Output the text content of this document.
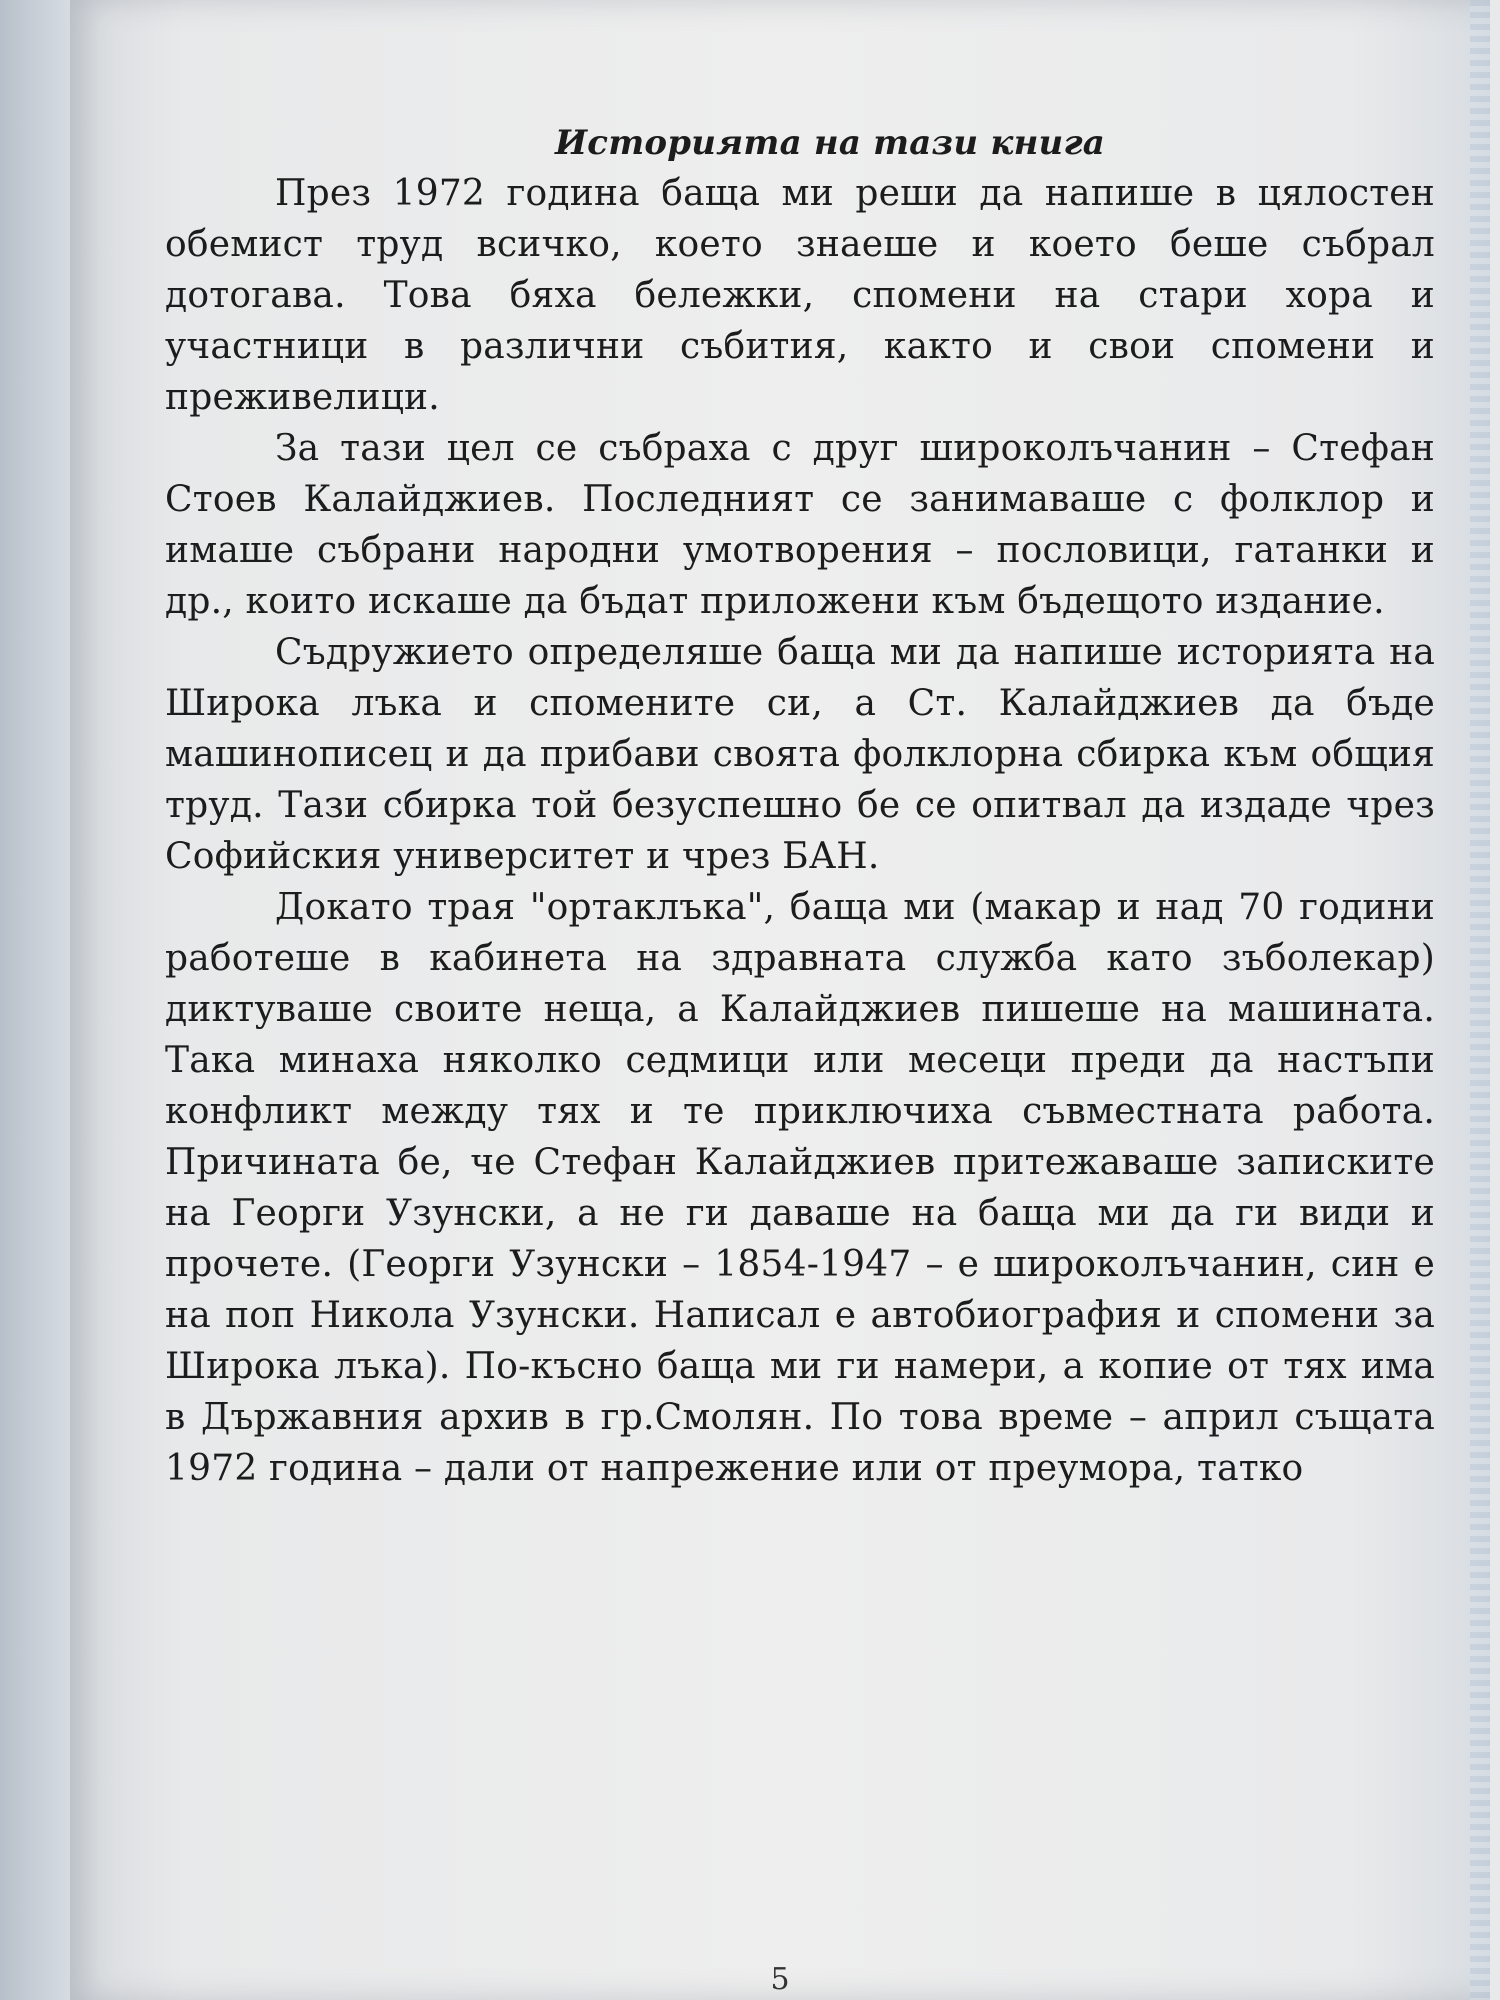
Историята на тази книга

През 1972 година баща ми реши да напише в цялостен обемист труд всичко, което знаеше и което беше събрал дотогава. Това бяха бележки, спомени на стари хора и участници в различни събития, както и свои спомени и преживелици.

За тази цел се събраха с друг широколъчанин – Стефан Стоев Калайджиев. Последният се занимаваше с фолклор и имаше събрани народни умотворения – пословици, гатанки и др., които искаше да бъдат приложени към бъдещото издание.

Съдружието определяше баща ми да напише историята на Широка лъка и спомените си, а Ст. Калайджиев да бъде машинописец и да прибави своята фолклорна сбирка към общия труд. Тази сбирка той безуспешно бе се опитвал да издаде чрез Софийския университет и чрез БАН.

Докато трая "ортаклъка", баща ми (макар и над 70 години работеше в кабинета на здравната служба като зъболекар) диктуваше своите неща, а Калайджиев пишеше на машината. Така минаха няколко седмици или месеци преди да настъпи конфликт между тях и те приключиха съвместната работа. Причината бе, че Стефан Калайджиев притежаваше записките на Георги Узунски, а не ги даваше на баща ми да ги види и прочете. (Георги Узунски – 1854-1947 – е широколъчанин, син е на поп Никола Узунски. Написал е автобиография и спомени за Широка лъка). По-късно баща ми ги намери, а копие от тях има в Държавния архив в гр.Смолян. По това време – април същата 1972 година – дали от напрежение или от преумора, татко

5
